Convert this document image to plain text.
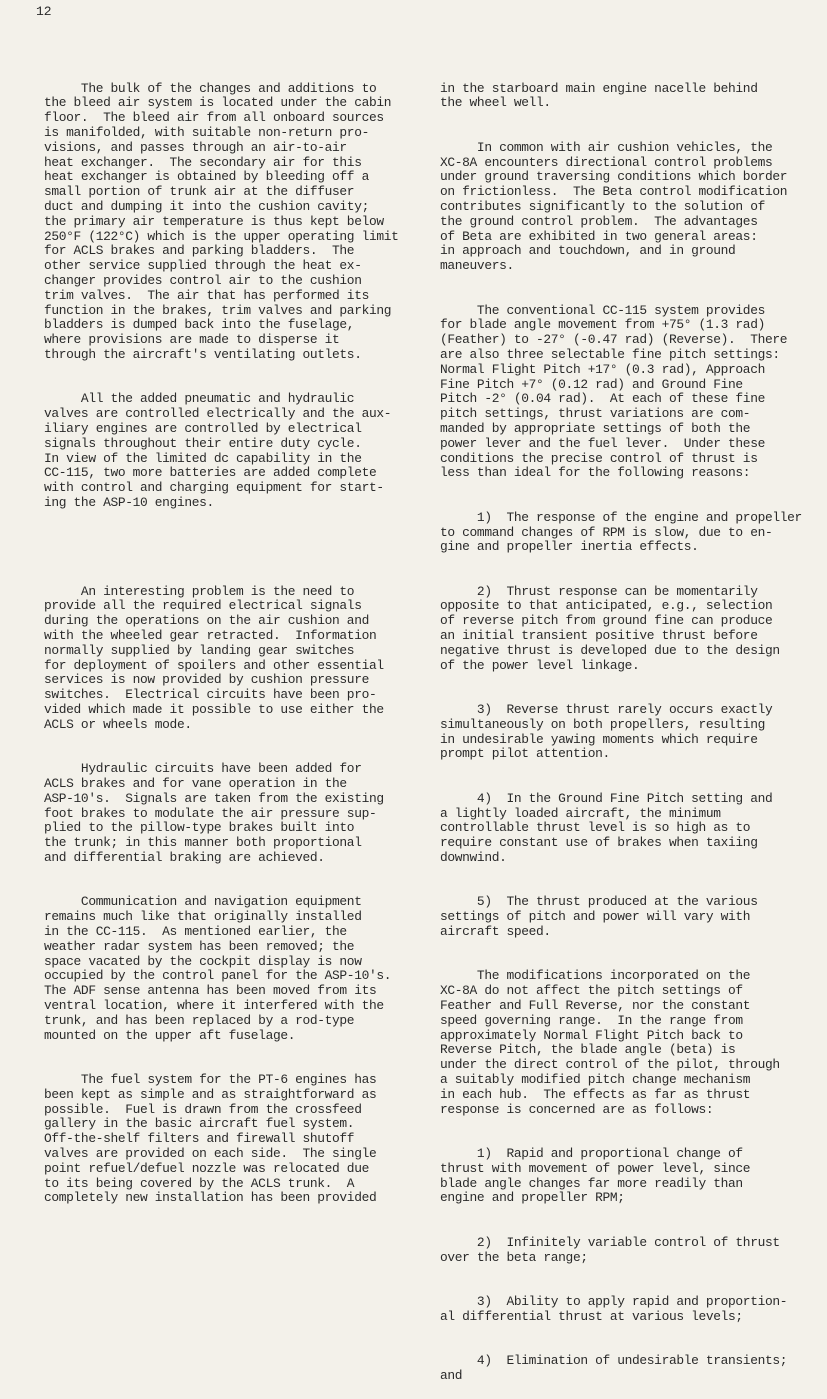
12

The bulk of the changes and additions to
the bleed air system is located under the cabin
floor.  The bleed air from all onboard sources
is manifolded, with suitable non-return pro-
visions, and passes through an air-to-air
heat exchanger.  The secondary air for this
heat exchanger is obtained by bleeding off a
small portion of trunk air at the diffuser
duct and dumping it into the cushion cavity;
the primary air temperature is thus kept below
250°F (122°C) which is the upper operating limit
for ACLS brakes and parking bladders.  The
other service supplied through the heat ex-
changer provides control air to the cushion
trim valves.  The air that has performed its
function in the brakes, trim valves and parking
bladders is dumped back into the fuselage,
where provisions are made to disperse it
through the aircraft's ventilating outlets.

All the added pneumatic and hydraulic
valves are controlled electrically and the aux-
iliary engines are controlled by electrical
signals throughout their entire duty cycle.
In view of the limited dc capability in the
CC-115, two more batteries are added complete
with control and charging equipment for start-
ing the ASP-10 engines.

An interesting problem is the need to
provide all the required electrical signals
during the operations on the air cushion and
with the wheeled gear retracted.  Information
normally supplied by landing gear switches
for deployment of spoilers and other essential
services is now provided by cushion pressure
switches.  Electrical circuits have been pro-
vided which made it possible to use either the
ACLS or wheels mode.

Hydraulic circuits have been added for
ACLS brakes and for vane operation in the
ASP-10's.  Signals are taken from the existing
foot brakes to modulate the air pressure sup-
plied to the pillow-type brakes built into
the trunk; in this manner both proportional
and differential braking are achieved.

Communication and navigation equipment
remains much like that originally installed
in the CC-115.  As mentioned earlier, the
weather radar system has been removed; the
space vacated by the cockpit display is now
occupied by the control panel for the ASP-10's.
The ADF sense antenna has been moved from its
ventral location, where it interfered with the
trunk, and has been replaced by a rod-type
mounted on the upper aft fuselage.

The fuel system for the PT-6 engines has
been kept as simple and as straightforward as
possible.  Fuel is drawn from the crossfeed
gallery in the basic aircraft fuel system.
Off-the-shelf filters and firewall shutoff
valves are provided on each side.  The single
point refuel/defuel nozzle was relocated due
to its being covered by the ACLS trunk.  A
completely new installation has been provided

in the starboard main engine nacelle behind
the wheel well.

In common with air cushion vehicles, the
XC-8A encounters directional control problems
under ground traversing conditions which border
on frictionless.  The Beta control modification
contributes significantly to the solution of
the ground control problem.  The advantages
of Beta are exhibited in two general areas:
in approach and touchdown, and in ground
maneuvers.

The conventional CC-115 system provides
for blade angle movement from +75° (1.3 rad)
(Feather) to -27° (-0.47 rad) (Reverse).  There
are also three selectable fine pitch settings:
Normal Flight Pitch +17° (0.3 rad), Approach
Fine Pitch +7° (0.12 rad) and Ground Fine
Pitch -2° (0.04 rad).  At each of these fine
pitch settings, thrust variations are com-
manded by appropriate settings of both the
power lever and the fuel lever.  Under these
conditions the precise control of thrust is
less than ideal for the following reasons:

1)  The response of the engine and propeller
to command changes of RPM is slow, due to en-
gine and propeller inertia effects.

2)  Thrust response can be momentarily
opposite to that anticipated, e.g., selection
of reverse pitch from ground fine can produce
an initial transient positive thrust before
negative thrust is developed due to the design
of the power level linkage.

3)  Reverse thrust rarely occurs exactly
simultaneously on both propellers, resulting
in undesirable yawing moments which require
prompt pilot attention.

4)  In the Ground Fine Pitch setting and
a lightly loaded aircraft, the minimum
controllable thrust level is so high as to
require constant use of brakes when taxiing
downwind.

5)  The thrust produced at the various
settings of pitch and power will vary with
aircraft speed.

The modifications incorporated on the
XC-8A do not affect the pitch settings of
Feather and Full Reverse, nor the constant
speed governing range.  In the range from
approximately Normal Flight Pitch back to
Reverse Pitch, the blade angle (beta) is
under the direct control of the pilot, through
a suitably modified pitch change mechanism
in each hub.  The effects as far as thrust
response is concerned are as follows:

1)  Rapid and proportional change of
thrust with movement of power level, since
blade angle changes far more readily than
engine and propeller RPM;

2)  Infinitely variable control of thrust
over the beta range;

3)  Ability to apply rapid and proportion-
al differential thrust at various levels;

4)  Elimination of undesirable transients;
and
